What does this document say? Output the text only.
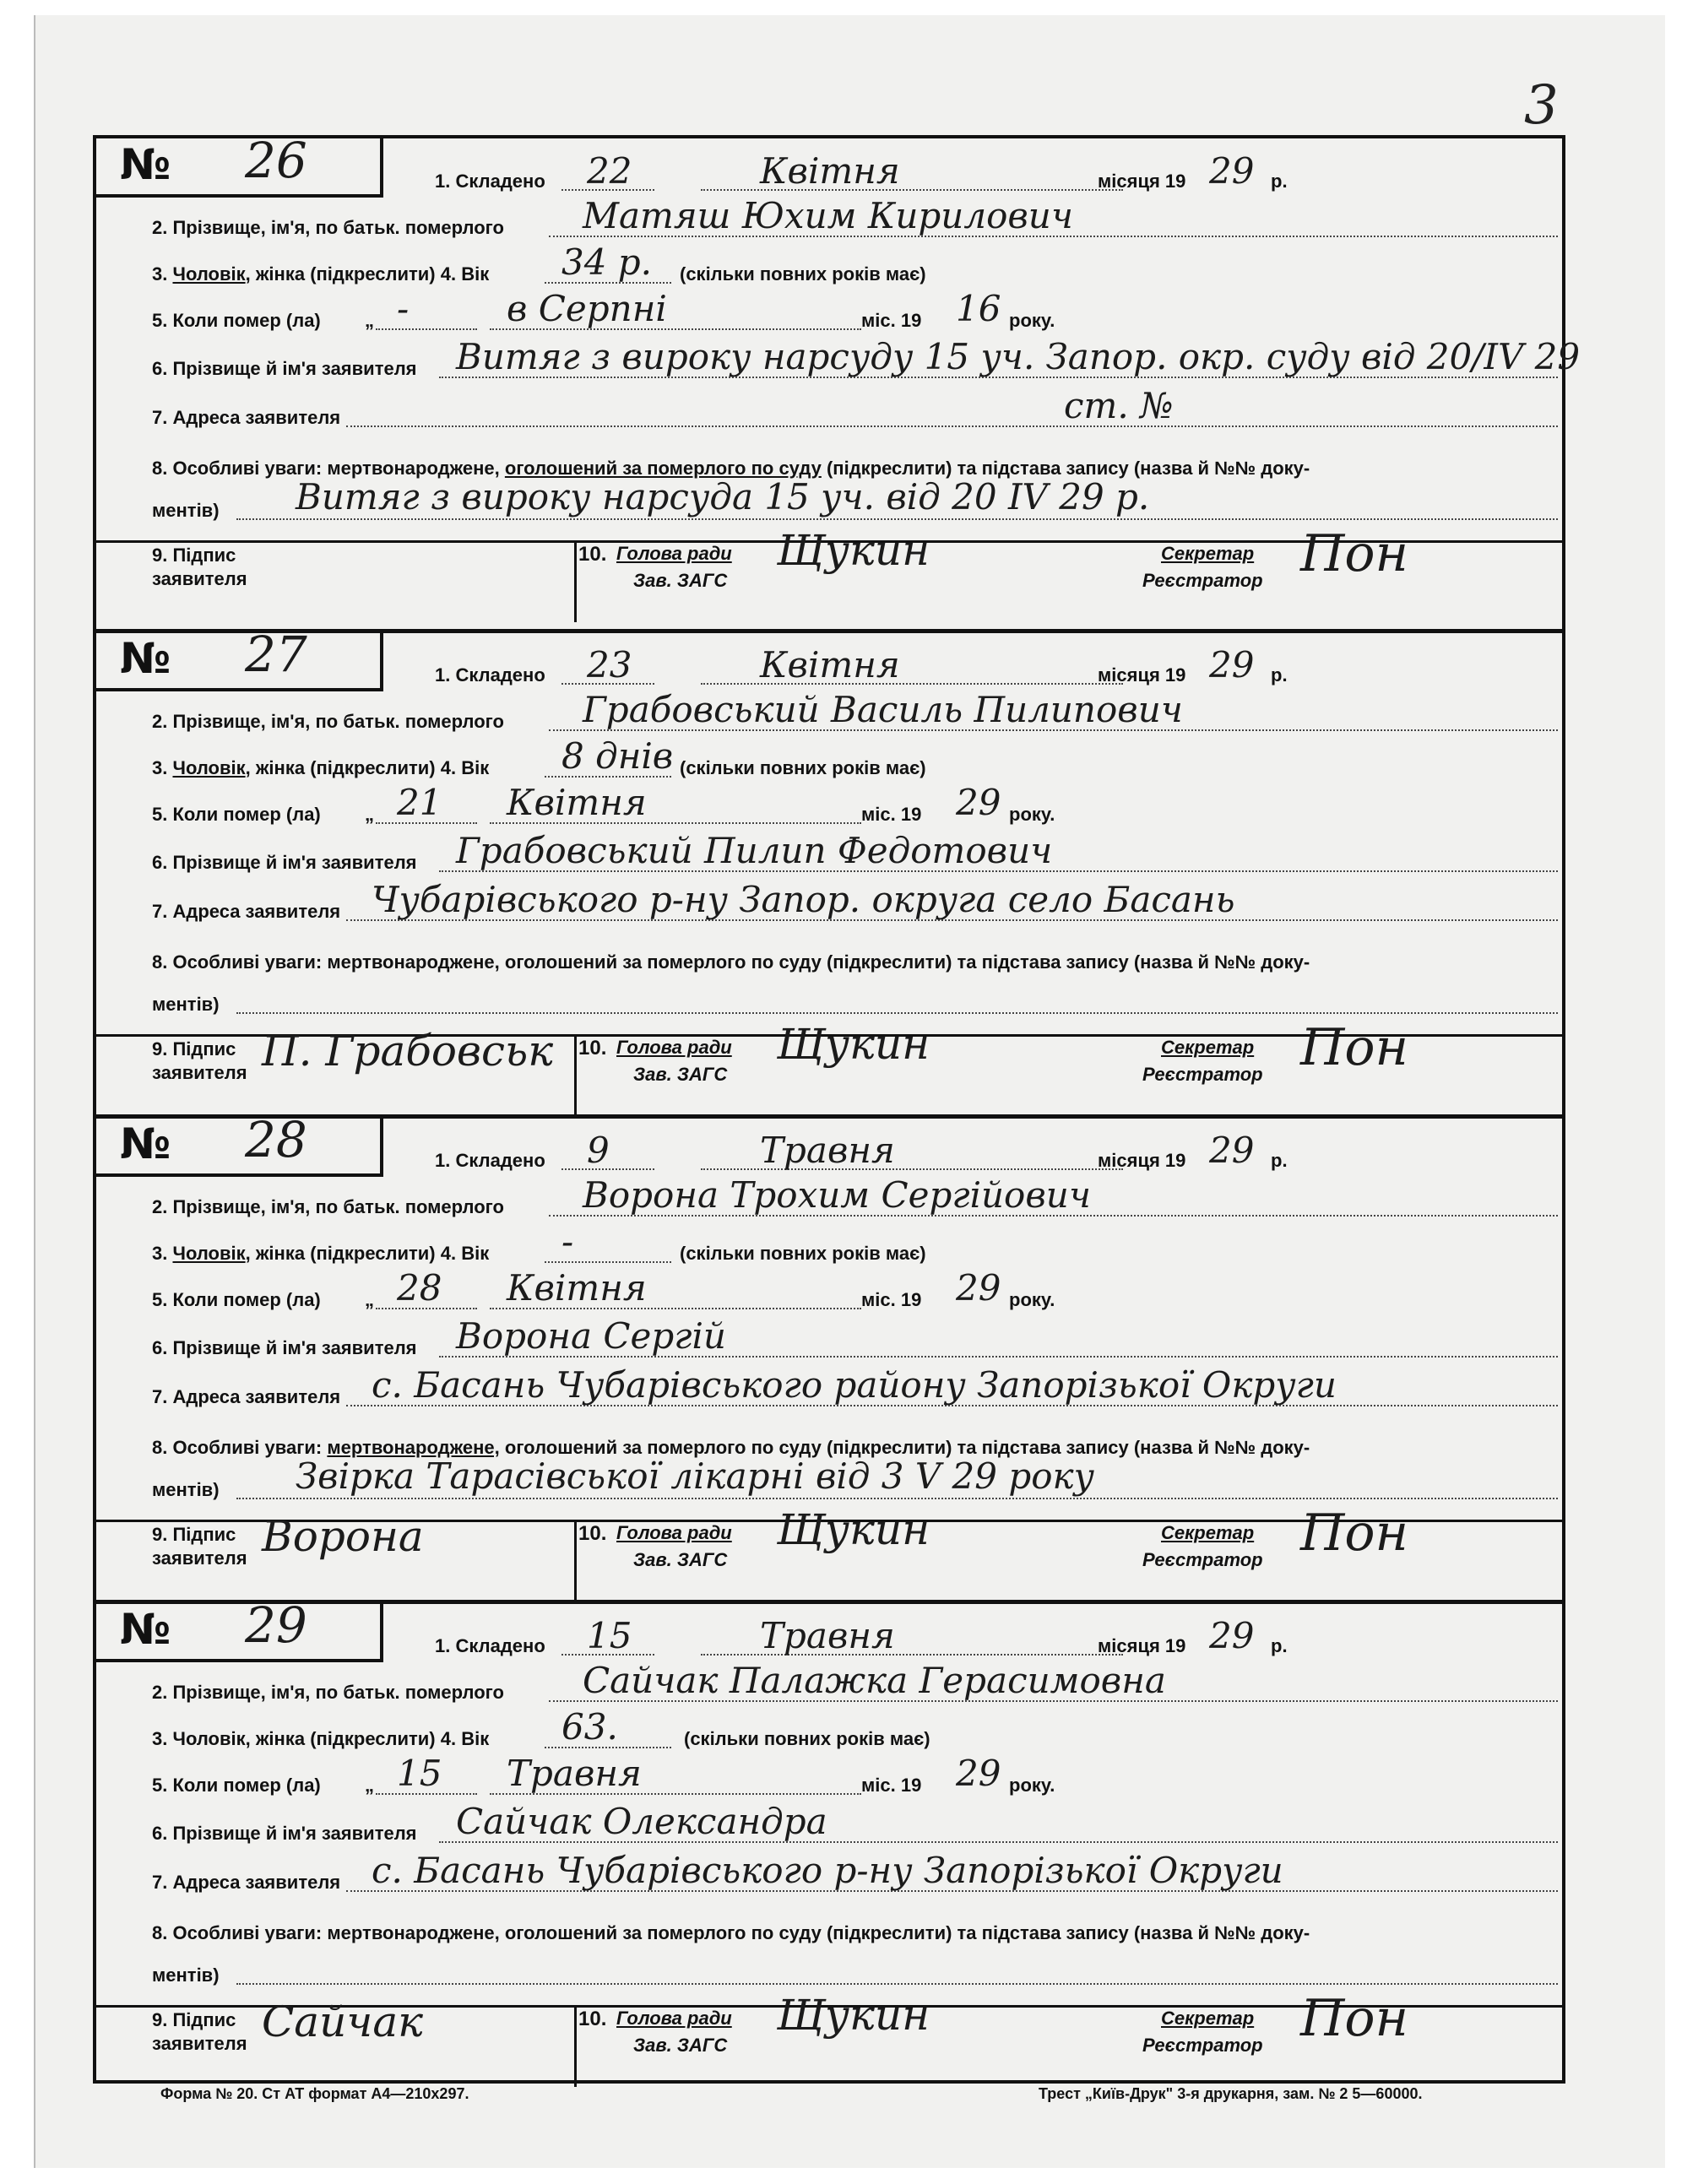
3
№ 26	1. Складено 22	Квітня	місяця 19 29 р.
2. Прізвище, ім'я, по батьк. померлого Матяш Юхим Кирилович
3. Чоловік, жінка (підкреслити) 4. Вік 34 р. (скільки повних років має)
5. Коли помер (ла) „ -	в Серпні	міс. 19 16 року.
6. Прізвище й ім'я заявителя Витяг з вироку нарсуду 15 уч. Запор. окр. суду від 20/IV 29
7. Адреса заявителя	ст. №
8. Особливі уваги: мертвонароджене, оголошений за померлого по суду (підкреслити) та підстава запису (назва й №№ доку-
ментів) Витяг з вироку нарсуда 15 уч. від 20 IV 29 р.
9. Підпис
заявителя
10. Голова ради
Зав. ЗАГС
Щукин	Секретар
Реєстратор Пон
№ 27	1. Складено 23	Квітня	місяця 19 29 р.
2. Прізвище, ім'я, по батьк. померлого Грабовський Василь Пилипович
3. Чоловік, жінка (підкреслити) 4. Вік 8 днів (скільки повних років має)
5. Коли помер (ла) „ 21 Квітня	міс. 19 29 року.
6. Прізвище й ім'я заявителя Грабовський Пилип Федотович
7. Адреса заявителя Чубарівського р-ну Запор. округа село Басань
8. Особливі уваги: мертвонароджене, оголошений за померлого по суду (підкреслити) та підстава запису (назва й №№ доку-
ментів)
9. Підпис
заявителя П. Грабовськ 10. Голова ради
Зав. ЗАГС
Щукин	Секретар
Реєстратор Пон
№ 28	1. Складено 9	Травня	місяця 19 29 р.
2. Прізвище, ім'я, по батьк. померлого Ворона Трохим Сергійович
3. Чоловік, жінка (підкреслити) 4. Вік -	(скільки повних років має)
5. Коли помер (ла) „ 28 Квітня	міс. 19 29 року.
6. Прізвище й ім'я заявителя Ворона Сергій
7. Адреса заявителя с. Басань Чубарівського району Запорізької Округи
8. Особливі уваги: мертвонароджене, оголошений за померлого по суду (підкреслити) та підстава запису (назва й №№ доку-
ментів) Звірка Тарасівської лікарні від 3 V 29 року
9. Підпис
заявителя Ворона	10. Голова ради
Зав. ЗАГС
Щукин	Секретар
Реєстратор Пон
№ 29	1. Складено 15	Травня	місяця 19 29 р.
2. Прізвище, ім'я, по батьк. померлого Сайчак Палажка Герасимовна
3. Чоловік, жінка (підкреслити) 4. Вік 63.	(скільки повних років має)
5. Коли помер (ла) „ 15 Травня	міс. 19 29 року.
6. Прізвище й ім'я заявителя Сайчак Олександра
7. Адреса заявителя с. Басань Чубарівського р-ну Запорізької Округи
8. Особливі уваги: мертвонароджене, оголошений за померлого по суду (підкреслити) та підстава запису (назва й №№ доку-
ментів)
9. Підпис
заявителя Сайчак	10. Голова ради
Зав. ЗАГС
Щукин	Секретар
Реєстратор Пон
Форма № 20. Ст АТ формат А4—210х297.	Трест „Київ-Друк" 3-я друкарня, зам. № 2 5—60000.
